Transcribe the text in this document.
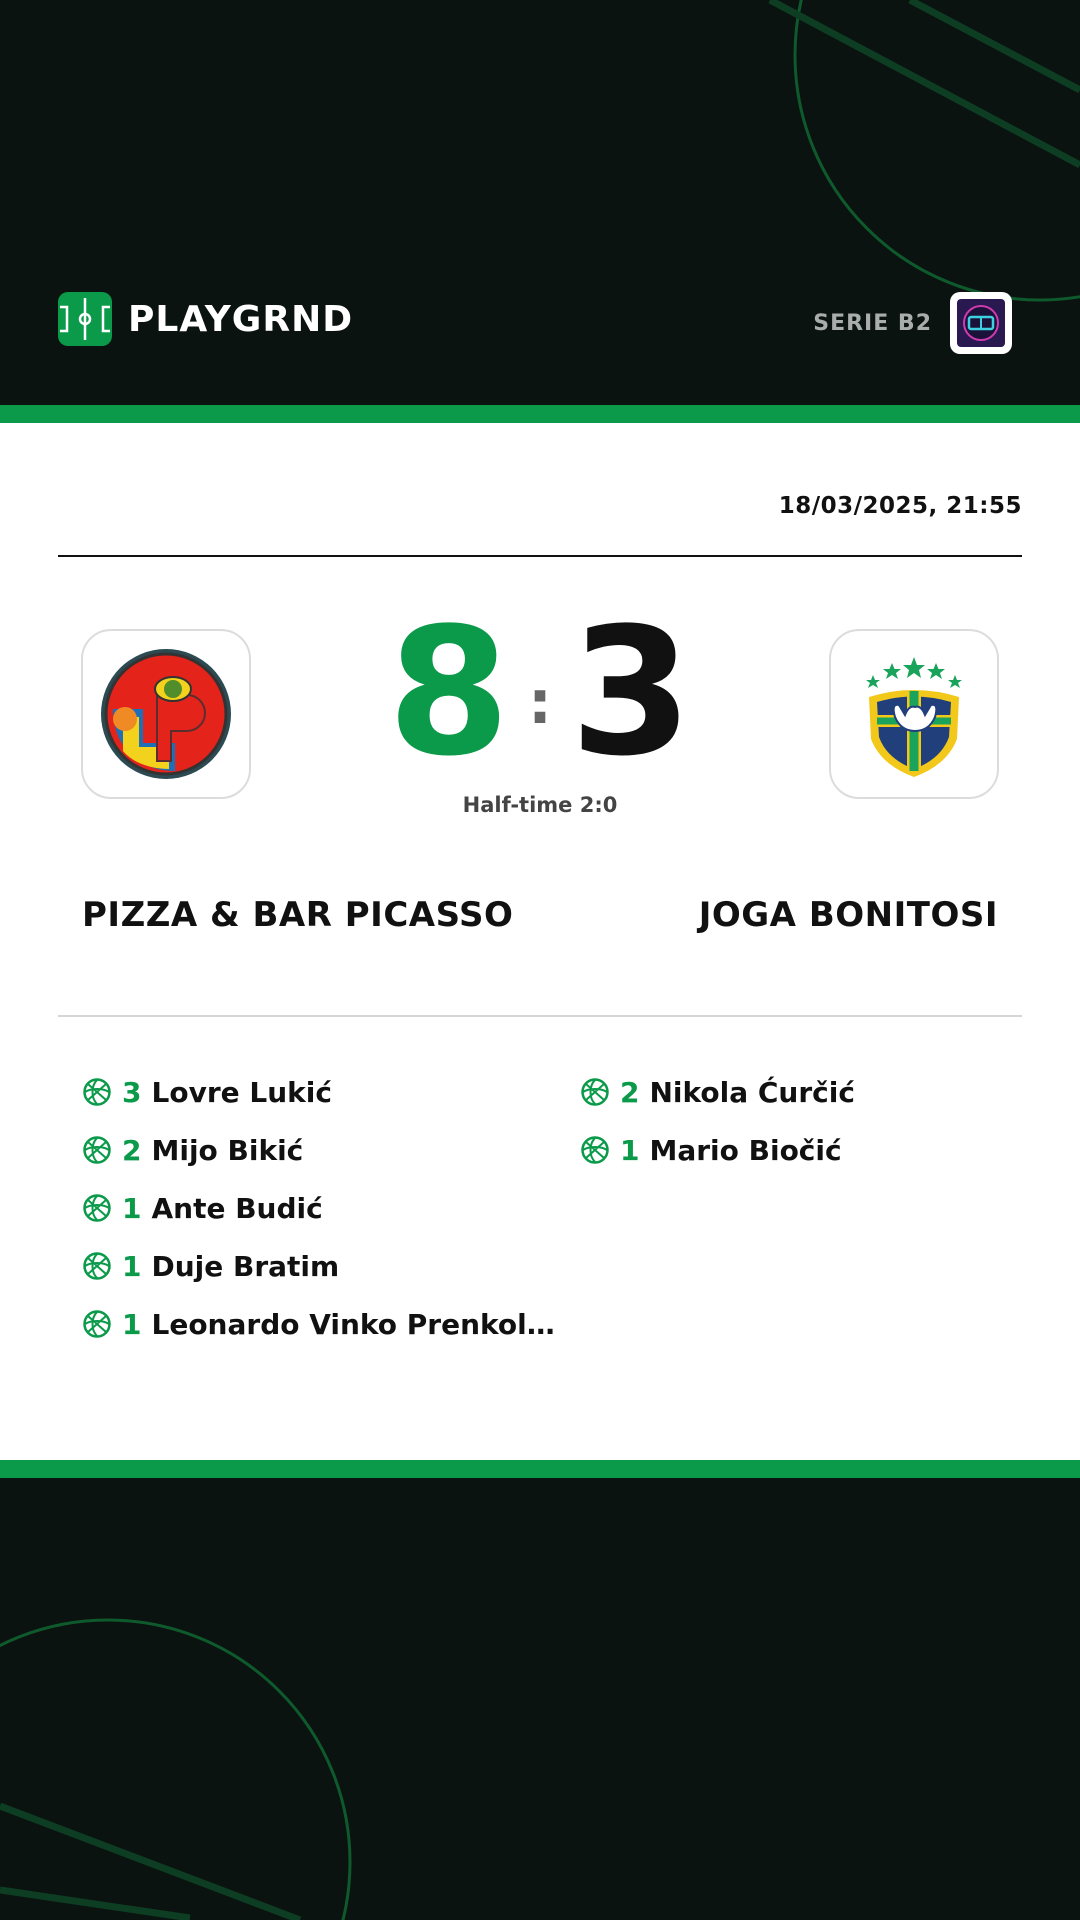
PLAYGRND	SERIE B2
18/03/2025, 21:55
8 : 3
Half-time 2:0
PIZZA & BAR PICASSO	JOGA BONITOSI
3 Lovre Lukić
2 Mijo Bikić
1 Ante Budić
1 Duje Bratim
1 Leonardo Vinko Prenkol…
2 Nikola Ćurčić
1 Mario Biočić
